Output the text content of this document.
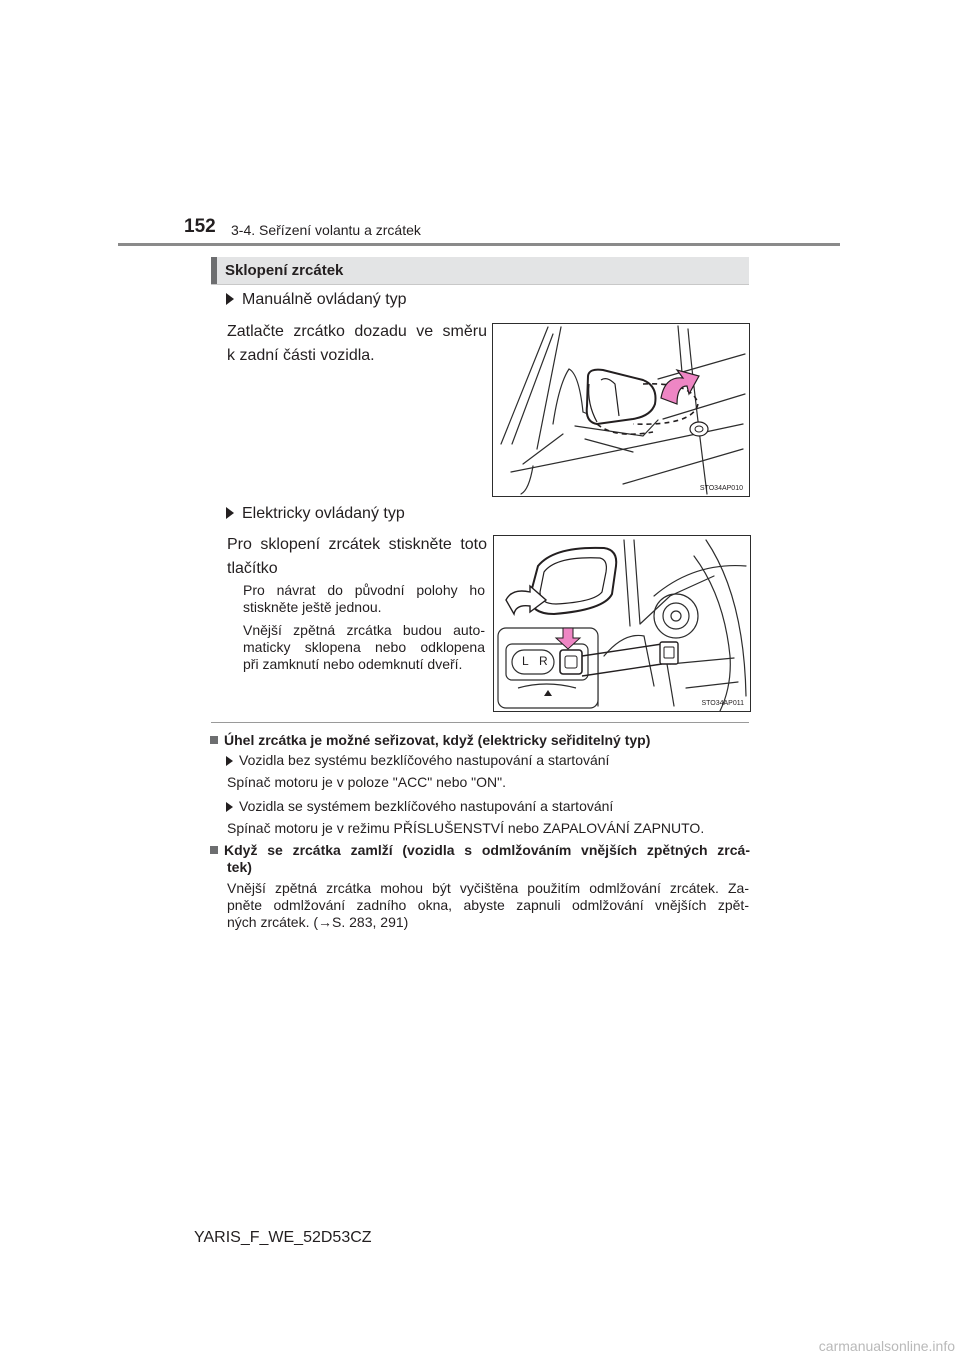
152 3-4. Seřízení volantu a zrcátek
Sklopení zrcátek
Manuálně ovládaný typ
Zatlačte zrcátko dozadu ve směru
k zadní části vozidla.
STO34AP010
Elektricky ovládaný typ
Pro sklopení zrcátek stiskněte toto
tlačítko
Pro návrat do původní polohy ho
stiskněte ještě jednou.
Vnější zpětná zrcátka budou auto-
maticky sklopena nebo odklopena
při zamknutí nebo odemknutí dveří.	L R
STO34AP011
Úhel zrcátka je možné seřizovat, když (elektricky seřiditelný typ)
Vozidla bez systému bezklíčového nastupování a startování
Spínač motoru je v poloze "ACC" nebo "ON".
Vozidla se systémem bezklíčového nastupování a startování
Spínač motoru je v režimu PŘÍSLUŠENSTVÍ nebo ZAPALOVÁNÍ ZAPNUTO.
Když se zrcátka zamlží (vozidla s odmlžováním vnějších zpětných zrcá-
tek)
Vnější zpětná zrcátka mohou být vyčištěna použitím odmlžování zrcátek. Za-
pněte odmlžování zadního okna, abyste zapnuli odmlžování vnějších zpět-
ných zrcátek. (→S. 283, 291)
YARIS_F_WE_52D53CZ
carmanualsonline.info
